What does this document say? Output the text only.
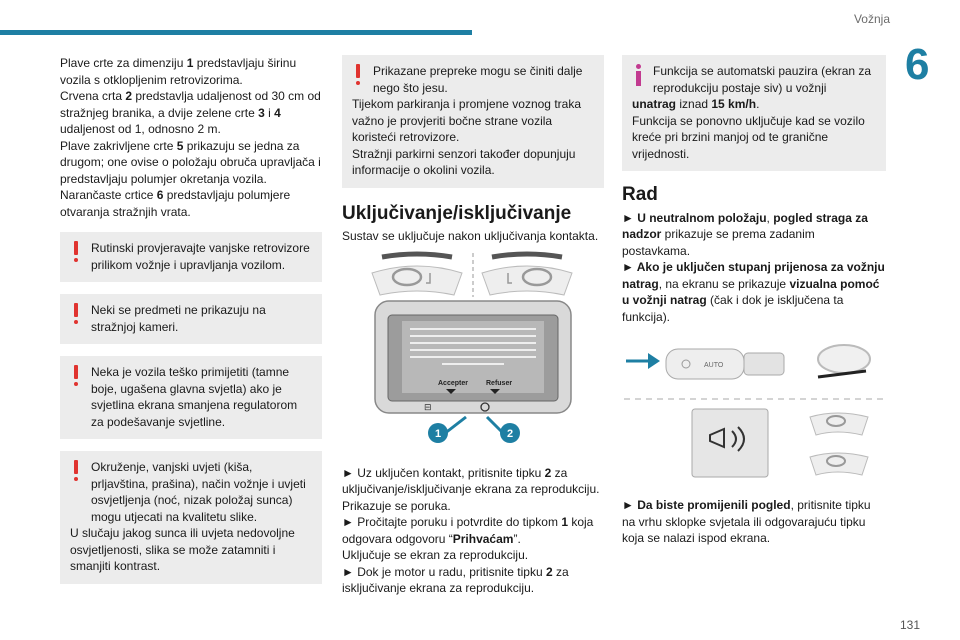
Vožnja
6

Plave crte za dimenziju 1 predstavljaju širinu vozila s otklopljenim retrovizorima.
Crvena crta 2 predstavlja udaljenost od 30 cm od stražnjeg branika, a dvije zelene crte 3 i 4 udaljenost od 1, odnosno 2 m.
Plave zakrivljene crte 5 prikazuju se jedna za drugom; one ovise o položaju obruča upravljača i predstavljaju polumjer okretanja vozila.
Narančaste crtice 6 predstavljaju polumjere otvaranja stražnjih vrata.

Rutinski provjeravajte vanjske retrovizore prilikom vožnje i upravljanja vozilom.
Neki se predmeti ne prikazuju na stražnjoj kameri.
Neka je vozila teško primijetiti (tamne boje, ugašena glavna svjetla) ako je svjetlina ekrana smanjena regulatorom za podešavanje svjetline.
Okruženje, vanjski uvjeti (kiša, prljavština, prašina), način vožnje i uvjeti osvjetljenja (noć, nizak položaj sunca) mogu utjecati na kvalitetu slike.
U slučaju jakog sunca ili uvjeta nedovoljne osvjetljenosti, slika se može zatamniti i smanjiti kontrast.
Prikazane prepreke mogu se činiti dalje nego što jesu.
Tijekom parkiranja i promjene voznog traka važno je provjeriti bočne strane vozila koristeći retrovizore.
Stražnji parkirni senzori također dopunjuju informacije o okolini vozila.
Uključivanje/isključivanje

Sustav se uključuje nakon uključivanja kontakta.

Accepter	Refuser
⊟
1	2

► Uz uključen kontakt, pritisnite tipku 2 za uključivanje/isključivanje ekrana za reprodukciju.
Prikazuje se poruka.
► Pročitajte poruku i potvrdite do tipkom 1 koja odgovara odgovoru “Prihvaćam”.
Uključuje se ekran za reprodukciju.
► Dok je motor u radu, pritisnite tipku 2 za isključivanje ekrana za reprodukciju.

Funkcija se automatski pauzira (ekran za reprodukciju postaje siv) u vožnji
unatrag iznad 15 km/h.
Funkcija se ponovno uključuje kad se vozilo kreće pri brzini manjoj od te granične vrijednosti.
Rad

► U neutralnom položaju, pogled straga za nadzor prikazuje se prema zadanim postavkama.
► Ako je uključen stupanj prijenosa za vožnju natrag, na ekranu se prikazuje vizualna pomoć u vožnji natrag (čak i dok je isključena ta funkcija).

AUTO

► Da biste promijenili pogled, pritisnite tipku na vrhu sklopke svjetala ili odgovarajuću tipku koja se nalazi ispod ekrana.

131
